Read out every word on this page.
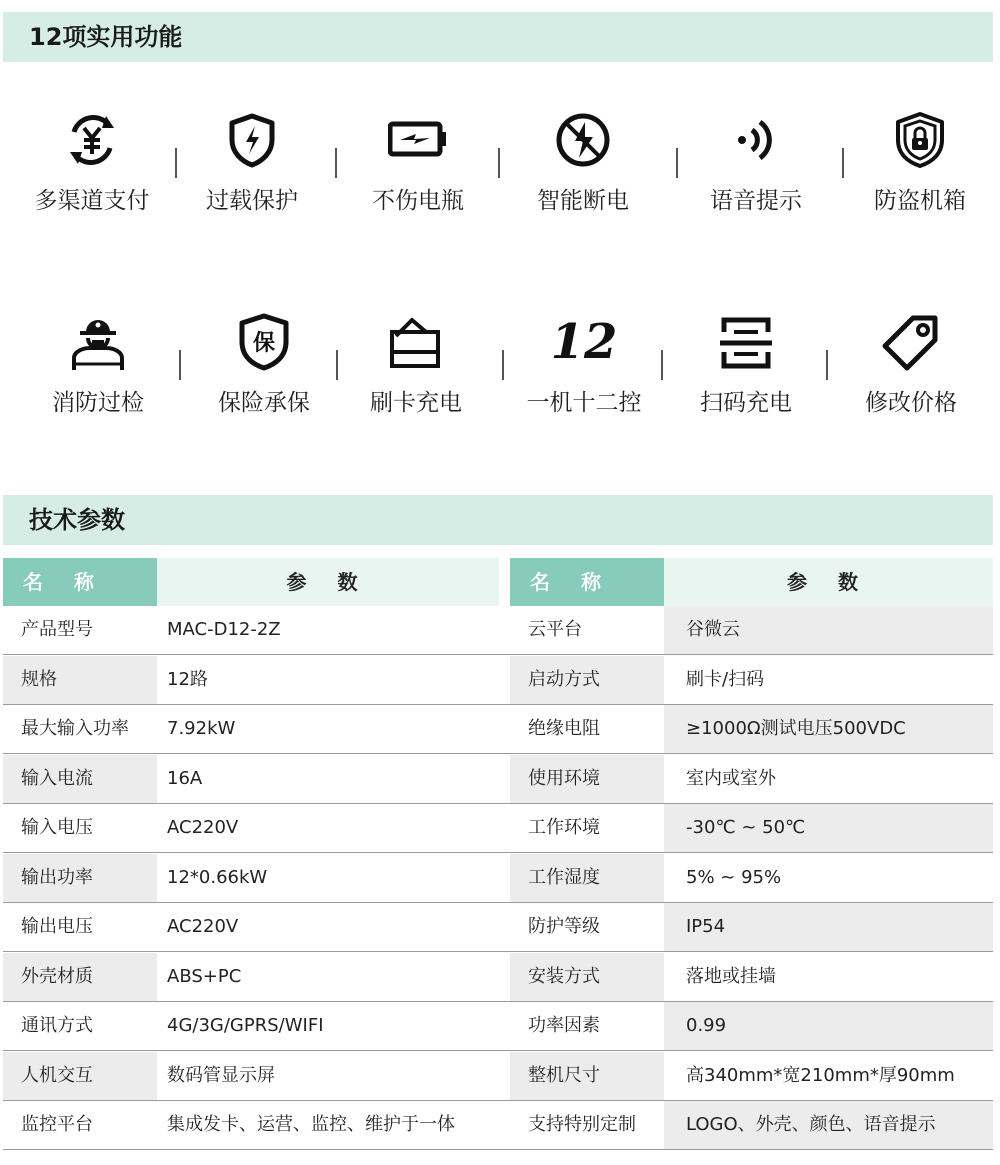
12项实用功能
多渠道支付	过载保护	不伤电瓶	智能断电	语音提示	防盗机箱
消防过检
保
保险承保	刷卡充电
12
一机十二控	扫码充电	修改价格
技术参数
名 称	参 数	名 称	参 数
产品型号	MAC-D12-2Z	云平台	谷微云
规格	12路	启动方式	刷卡/扫码
最大输入功率	7.92kW	绝缘电阻	≥1000Ω测试电压500VDC
输入电流	16A	使用环境	室内或室外
输入电压	AC220V	工作环境	-30℃ ~ 50℃
输出功率	12*0.66kW	工作湿度	5% ~ 95%
输出电压	AC220V	防护等级	IP54
外壳材质	ABS+PC	安装方式	落地或挂墙
通讯方式	4G/3G/GPRS/WIFI	功率因素	0.99
人机交互	数码管显示屏	整机尺寸	高340mm*宽210mm*厚90mm
监控平台	集成发卡、运营、监控、维护于一体	支持特别定制	LOGO、外壳、颜色、语音提示
